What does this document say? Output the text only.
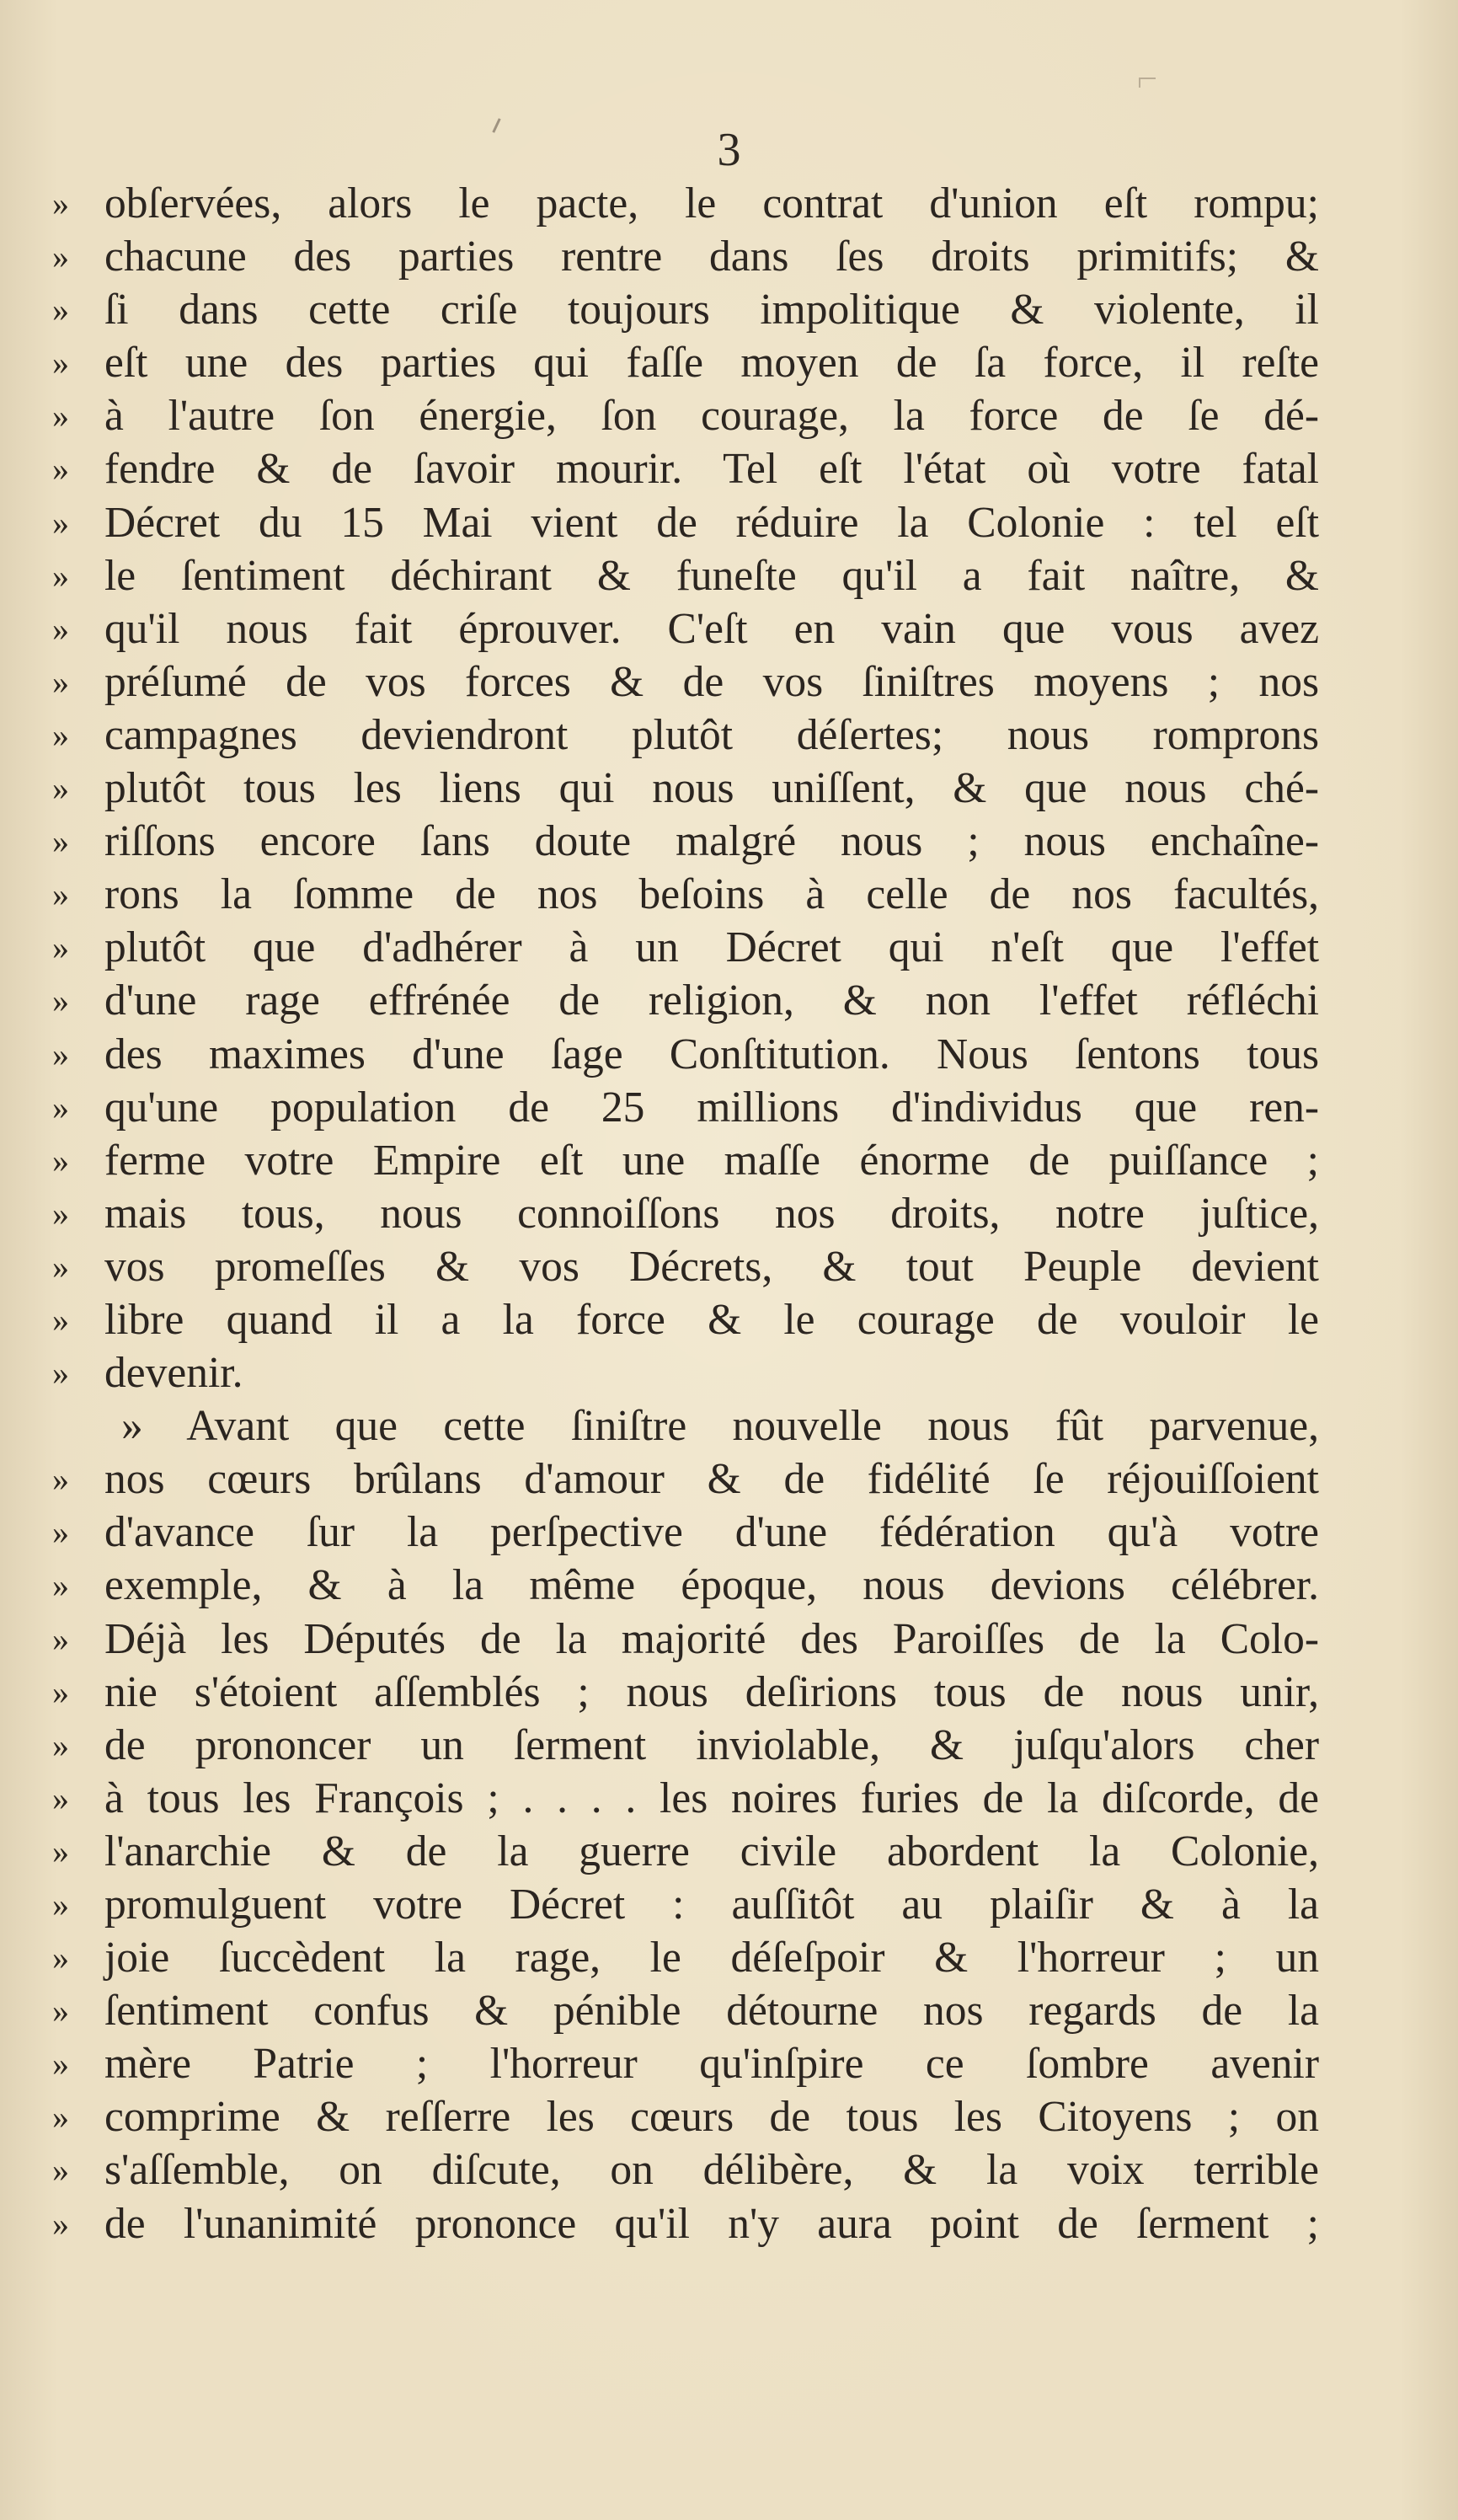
3
» obſervées, alors le pacte, le contrat d'union eſt rompu;
» chacune des parties rentre dans ſes droits primitifs; &
» ſi dans cette criſe toujours impolitique & violente, il
» eſt une des parties qui faſſe moyen de ſa force, il reſte
» à l'autre ſon énergie, ſon courage, la force de ſe dé-
» fendre & de ſavoir mourir. Tel eſt l'état où votre fatal
» Décret du 15 Mai vient de réduire la Colonie : tel eſt
» le ſentiment déchirant & funeſte qu'il a fait naître, &
» qu'il nous fait éprouver. C'eſt en vain que vous avez
» préſumé de vos forces & de vos ſiniſtres moyens ; nos
» campagnes deviendront plutôt déſertes; nous romprons
» plutôt tous les liens qui nous uniſſent, & que nous ché-
» riſſons encore ſans doute malgré nous ; nous enchaîne-
» rons la ſomme de nos beſoins à celle de nos facultés,
» plutôt que d'adhérer à un Décret qui n'eſt que l'effet
» d'une rage effrénée de religion, & non l'effet réfléchi
» des maximes d'une ſage Conſtitution. Nous ſentons tous
» qu'une population de 25 millions d'individus que ren-
» ferme votre Empire eſt une maſſe énorme de puiſſance ;
» mais tous, nous connoiſſons nos droits, notre juſtice,
» vos promeſſes & vos Décrets, & tout Peuple devient
» libre quand il a la force & le courage de vouloir le
» devenir.
» Avant que cette ſiniſtre nouvelle nous fût parvenue,
» nos cœurs brûlans d'amour & de fidélité ſe réjouiſſoient
» d'avance ſur la perſpective d'une fédération qu'à votre
» exemple, & à la même époque, nous devions célébrer.
» Déjà les Députés de la majorité des Paroiſſes de la Colo-
» nie s'étoient aſſemblés ; nous deſirions tous de nous unir,
» de prononcer un ſerment inviolable, & juſqu'alors cher
» à tous les François ; . . . . les noires furies de la diſcorde, de
» l'anarchie & de la guerre civile abordent la Colonie,
» promulguent votre Décret : auſſitôt au plaiſir & à la
» joie ſuccèdent la rage, le déſeſpoir & l'horreur ; un
» ſentiment confus & pénible détourne nos regards de la
» mère Patrie ; l'horreur qu'inſpire ce ſombre avenir
» comprime & reſſerre les cœurs de tous les Citoyens ; on
» s'aſſemble, on diſcute, on délibère, & la voix terrible
» de l'unanimité prononce qu'il n'y aura point de ſerment ;
